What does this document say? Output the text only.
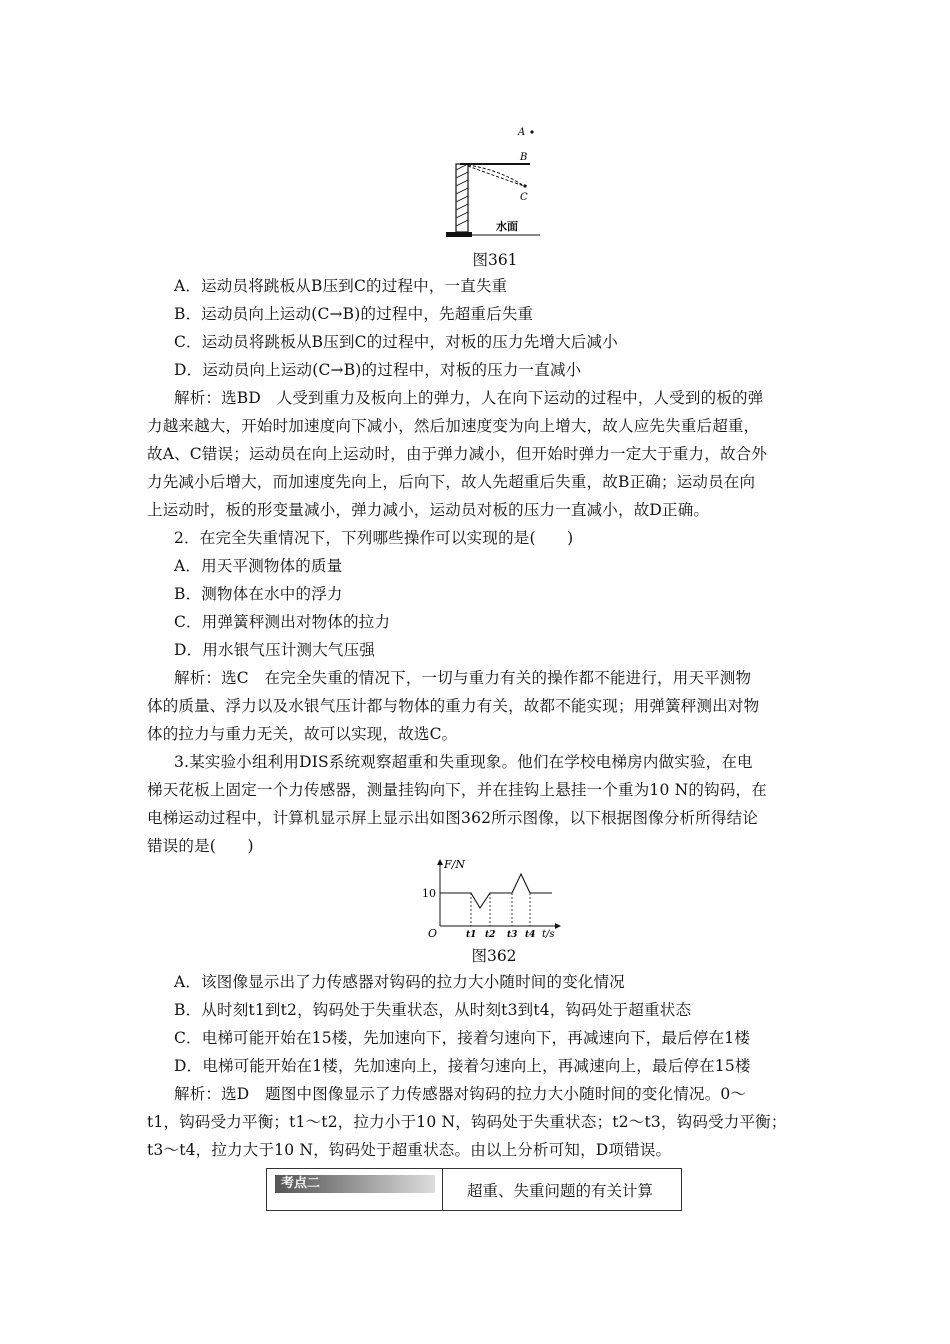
A
B
C
水面
图361
A．运动员将跳板从B压到C的过程中，一直失重
B．运动员向上运动(C→B)的过程中，先超重后失重
C．运动员将跳板从B压到C的过程中，对板的压力先增大后减小
D．运动员向上运动(C→B)的过程中，对板的压力一直减小
解析：选BD　人受到重力及板向上的弹力，人在向下运动的过程中，人受到的板的弹
力越来越大，开始时加速度向下减小，然后加速度变为向上增大，故人应先失重后超重，
故A、C错误；运动员在向上运动时，由于弹力减小，但开始时弹力一定大于重力，故合外
力先减小后增大，而加速度先向上，后向下，故人先超重后失重，故B正确；运动员在向
上运动时，板的形变量减小，弹力减小，运动员对板的压力一直减小，故D正确。
2．在完全失重情况下，下列哪些操作可以实现的是(　　)
A．用天平测物体的质量
B．测物体在水中的浮力
C．用弹簧秤测出对物体的拉力
D．用水银气压计测大气压强
解析：选C　在完全失重的情况下，一切与重力有关的操作都不能进行，用天平测物
体的质量、浮力以及水银气压计都与物体的重力有关，故都不能实现；用弹簧秤测出对物
体的拉力与重力无关，故可以实现，故选C。
3.某实验小组利用DIS系统观察超重和失重现象。他们在学校电梯房内做实验，在电
梯天花板上固定一个力传感器，测量挂钩向下，并在挂钩上悬挂一个重为10 N的钩码，在
电梯运动过程中，计算机显示屏上显示出如图362所示图像，以下根据图像分析所得结论
错误的是(　　)
F/N
10
O	t1 t2 t3 t4 t/s
图362
A．该图像显示出了力传感器对钩码的拉力大小随时间的变化情况
B．从时刻t1到t2，钩码处于失重状态，从时刻t3到t4，钩码处于超重状态
C．电梯可能开始在15楼，先加速向下，接着匀速向下，再减速向下，最后停在1楼
D．电梯可能开始在1楼，先加速向上，接着匀速向上，再减速向上，最后停在15楼
解析：选D　题图中图像显示了力传感器对钩码的拉力大小随时间的变化情况。0～
t1，钩码受力平衡；t1～t2，拉力小于10 N，钩码处于失重状态；t2～t3，钩码受力平衡；
t3～t4，拉力大于10 N，钩码处于超重状态。由以上分析可知，D项错误。
考点二	超重、失重问题的有关计算
